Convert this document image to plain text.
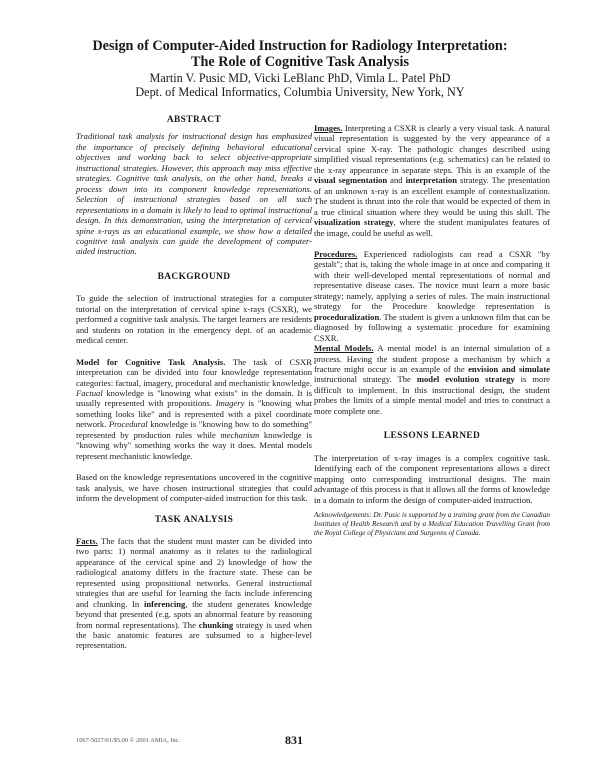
Design of Computer-Aided Instruction for Radiology Interpretation:

The Role of Cognitive Task Analysis

Martin V. Pusic MD, Vicki LeBlanc PhD, Vimla L. Patel PhD
Dept. of Medical Informatics, Columbia University, New York, NY

ABSTRACT

Traditional task analysis for instructional design has emphasized the importance of precisely defining behavioral educational objectives and working back to select objective-appropriate instructional strategies. However, this approach may miss effective strategies. Cognitive task analysis, on the other hand, breaks a process down into its component knowledge representations. Selection of instructional strategies based on all such representations in a domain is likely to lead to optimal instructional design. In this demonstration, using the interpretation of cervical spine x-rays as an educational example, we show how a detailed cognitive task analysis can guide the development of computer-aided instruction.

BACKGROUND

To guide the selection of instructional strategies for a computer tutorial on the interpretation of cervical spine x-rays (CSXR), we performed a cognitive task analysis. The target learners are residents and students on rotation in the emergency dept. of an academic medical center.

Model for Cognitive Task Analysis. The task of CSXR interpretation can be divided into four knowledge representation categories: factual, imagery, procedural and mechanistic knowledge. Factual knowledge is "knowing what exists" in the domain. It is usually represented with propositions. Imagery is "knowing what something looks like" and is represented with a pixel coordinate network. Procedural knowledge is "knowing how to do something" represented by production rules while mechanism knowledge is "knowing why" something works the way it does. Mental models represent mechanistic knowledge.

Based on the knowledge representations uncovered in the cognitive task analysis, we have chosen instructional strategies that could inform the development of computer-aided instruction for this task.

TASK ANALYSIS

Facts. The facts that the student must master can be divided into two parts: 1) normal anatomy as it relates to the radiological appearance of the cervical spine and 2) knowledge of how the radiological anatomy differs in the fracture state. These can be represented using propositional networks. General instructional strategies that are useful for learning the facts include inferencing and chunking. In inferencing, the student generates knowledge beyond that presented (e.g. spots an abnormal feature by reasoning from normal representations). The chunking strategy is used when the basic anatomic features are subsumed to a higher-level representation.

Images. Interpreting a CSXR is clearly a very visual task. A natural visual representation is suggested by the very appearance of a cervical spine X-ray. The pathologic changes described using simplified visual representations (e.g. schematics) can be related to the x-ray appearance in separate steps. This is an example of the visual segmentation and interpretation strategy. The presentation of an unknown x-ray is an excellent example of contextualization. The student is thrust into the role that would be expected of them in a true clinical situation where they would be using this skill. The visualization strategy, where the student manipulates features of the image, could be useful as well.

Procedures. Experienced radiologists can read a CSXR "by gestalt"; that is, taking the whole image in at once and comparing it with their well-developed mental representations of normal and representative disease cases. The novice must learn a more basic strategy; namely, applying a series of rules. The main instructional strategy for the Procedure knowledge representation is proceduralization. The student is given a unknown film that can be diagnosed by following a systematic procedure for examining CSXR.

Mental Models. A mental model is an internal simulation of a process. Having the student propose a mechanism by which a fracture might occur is an example of the envision and simulate instructional strategy. The model evolution strategy is more difficult to implement. In this instructional design, the student probes the limits of a simple mental model and tries to construct a more complete one.

LESSONS LEARNED

The interpretation of x-ray images is a complex cognitive task. Identifying each of the component representations allows a direct mapping onto corresponding instructional designs. The main advantage of this process is that it allows all the forms of knowledge in a domain to inform the design of computer-aided instruction.

Acknowledgements: Dr. Pusic is supported by a training grant from the Canadian Institutes of Health Research and by a Medical Education Travelling Grant from the Royal College of Physicians and Surgeons of Canada.

1067-5027/01/$5.00 © 2001 AMIA, Inc.	831
